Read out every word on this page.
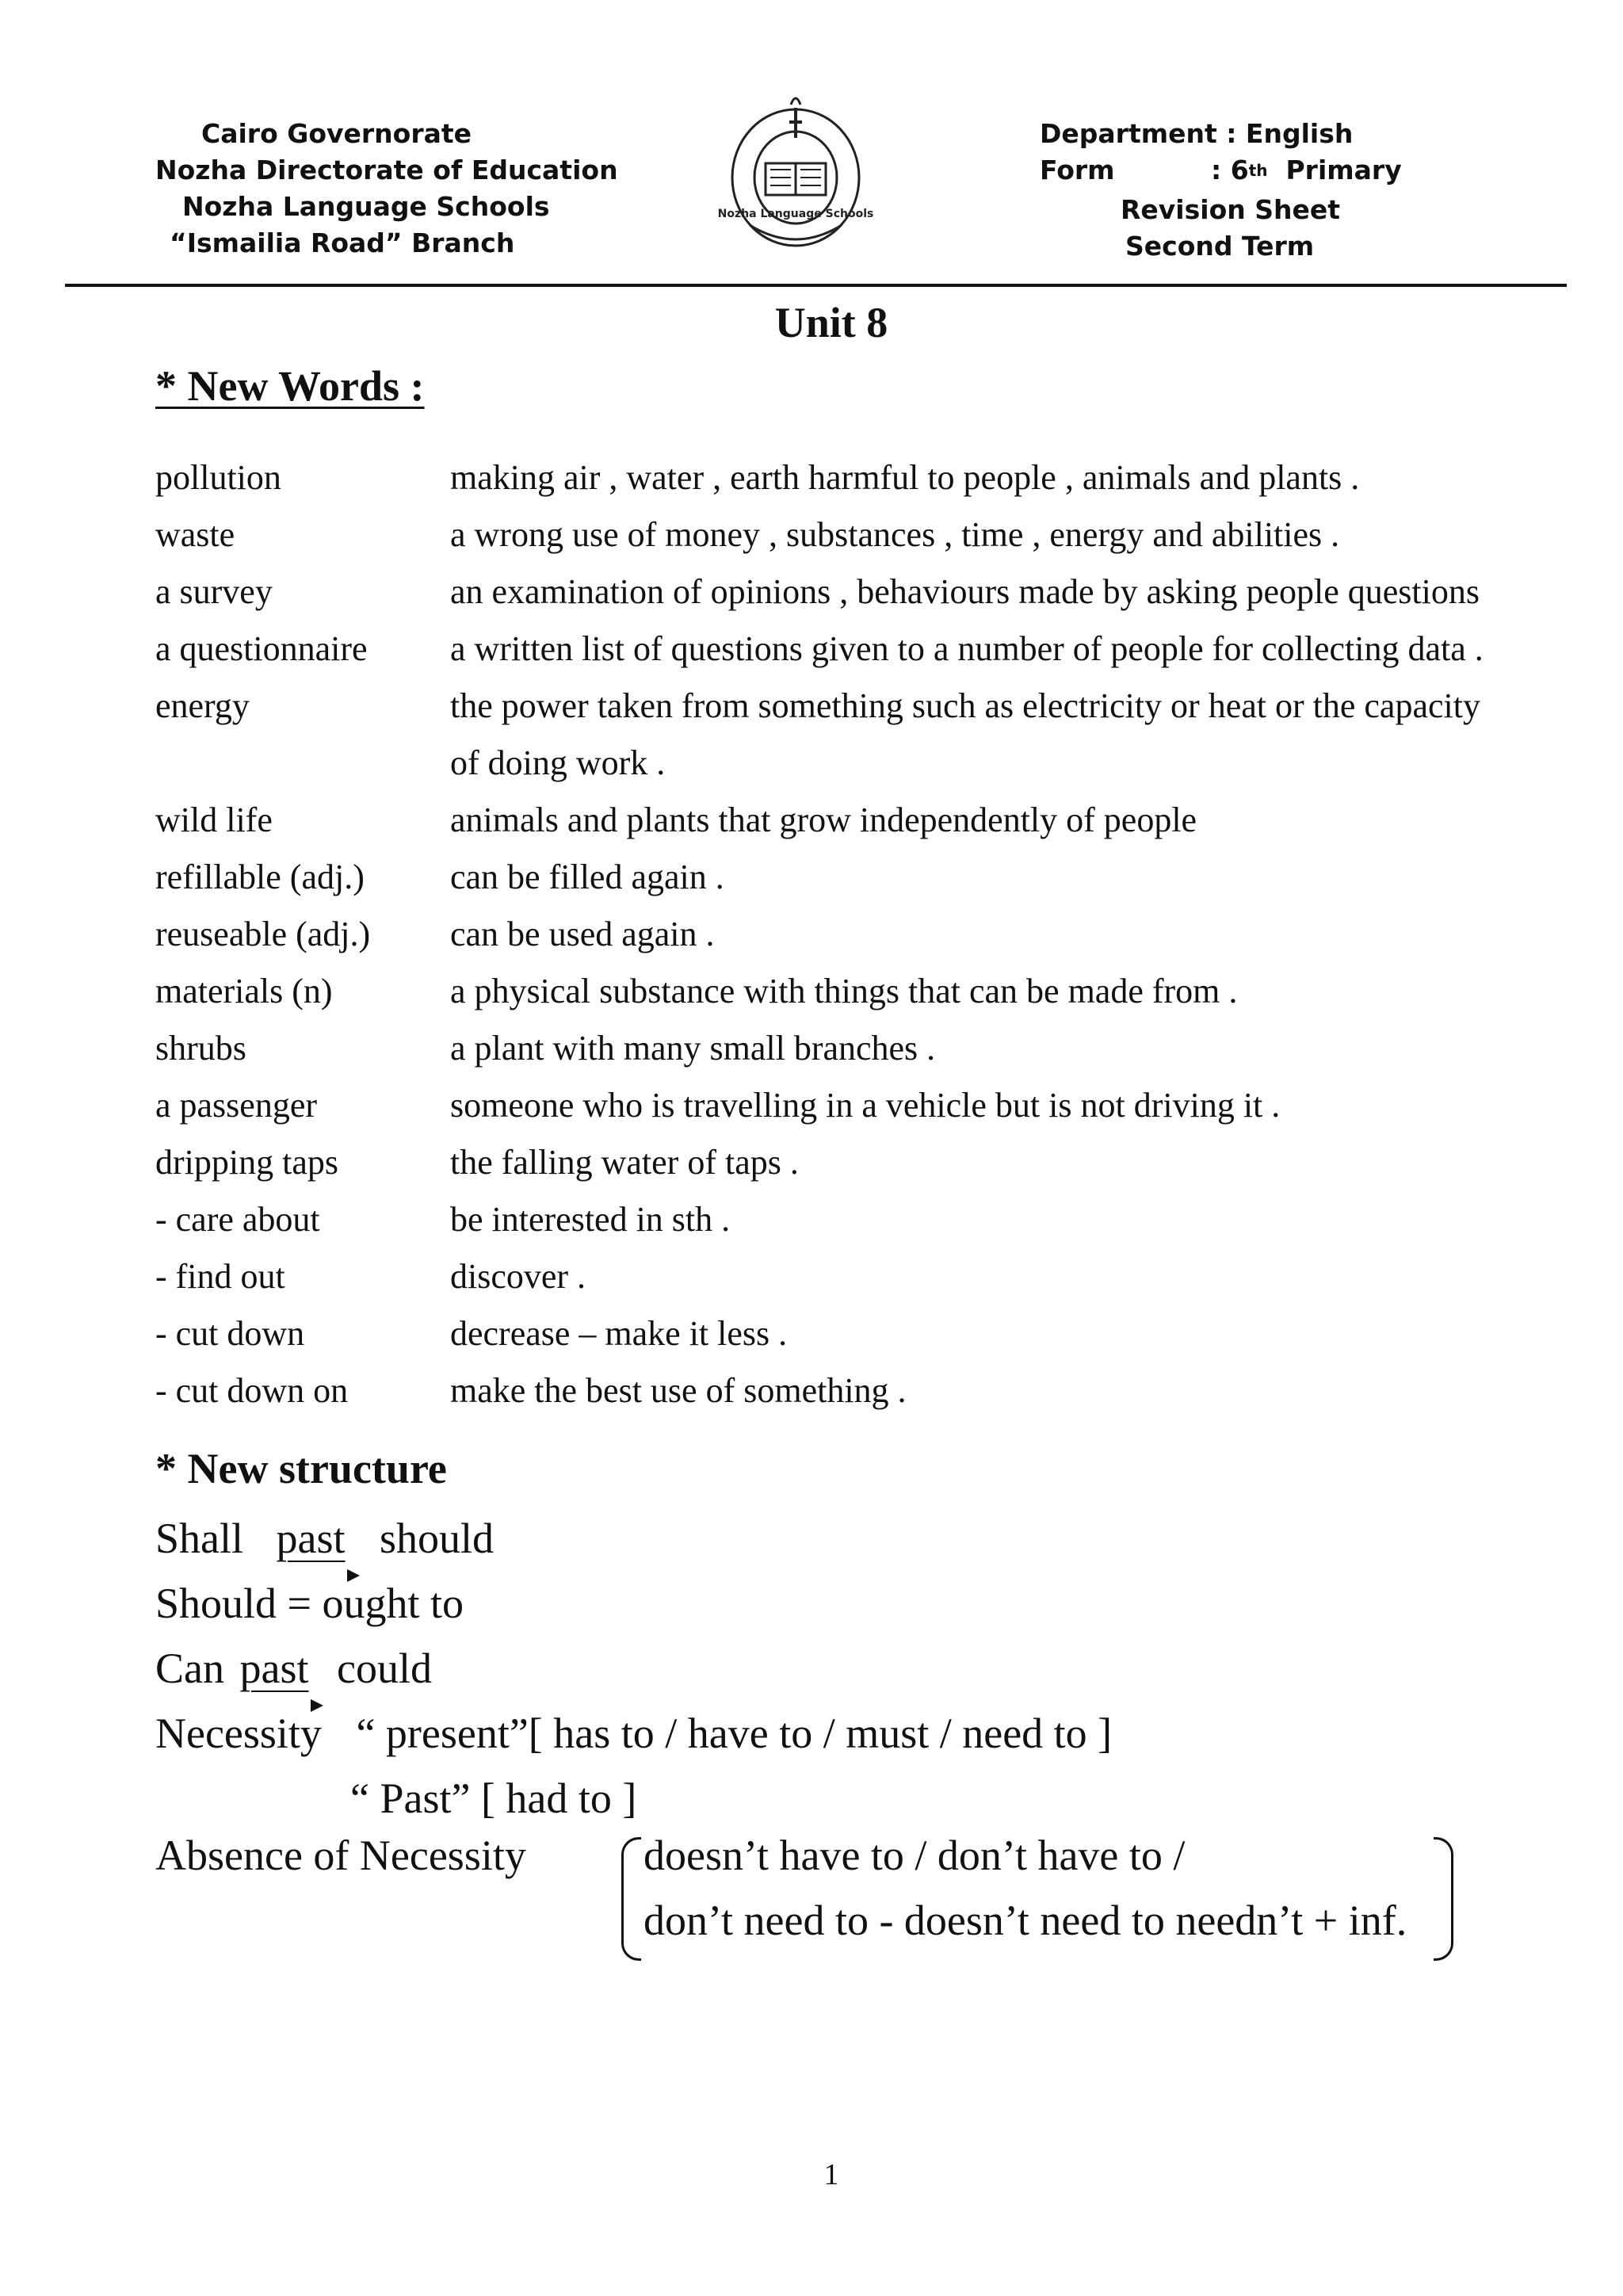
Cairo Governorate
Nozha Directorate of Education
Nozha Language Schools
“Ismailia Road” Branch
Nozha Language Schools
Department : English
Form	: 6th Primary
Revision Sheet
Second Term
Unit 8
* New Words :
pollution	making air , water , earth harmful to people , animals and plants .
waste	a wrong use of money , substances , time , energy and abilities .
a survey	an examination of opinions , behaviours made by asking people questions
a questionnaire	a written list of questions given to a number of people for collecting data .
energy	the power taken from something such as electricity or heat or the capacity
of doing work .
wild life	animals and plants that grow independently of people
refillable (adj.)	can be filled again .
reuseable (adj.)	can be used again .
materials (n)	a physical substance with things that can be made from .
shrubs	a plant with many small branches .
a passenger	someone who is travelling in a vehicle but is not driving it .
dripping taps	the falling water of taps .
- care about	be interested in sth .
- find out	discover .
- cut down	decrease – make it less .
- cut down on	make the best use of something .
* New structure
Shall past should
Should = ought to
Can past could
Necessity “ present”[ has to / have to / must / need to ]
“ Past” [ had to ]
Absence of Necessity	doesn’t have to / don’t have to /
don’t need to - doesn’t need to needn’t + inf.
1
